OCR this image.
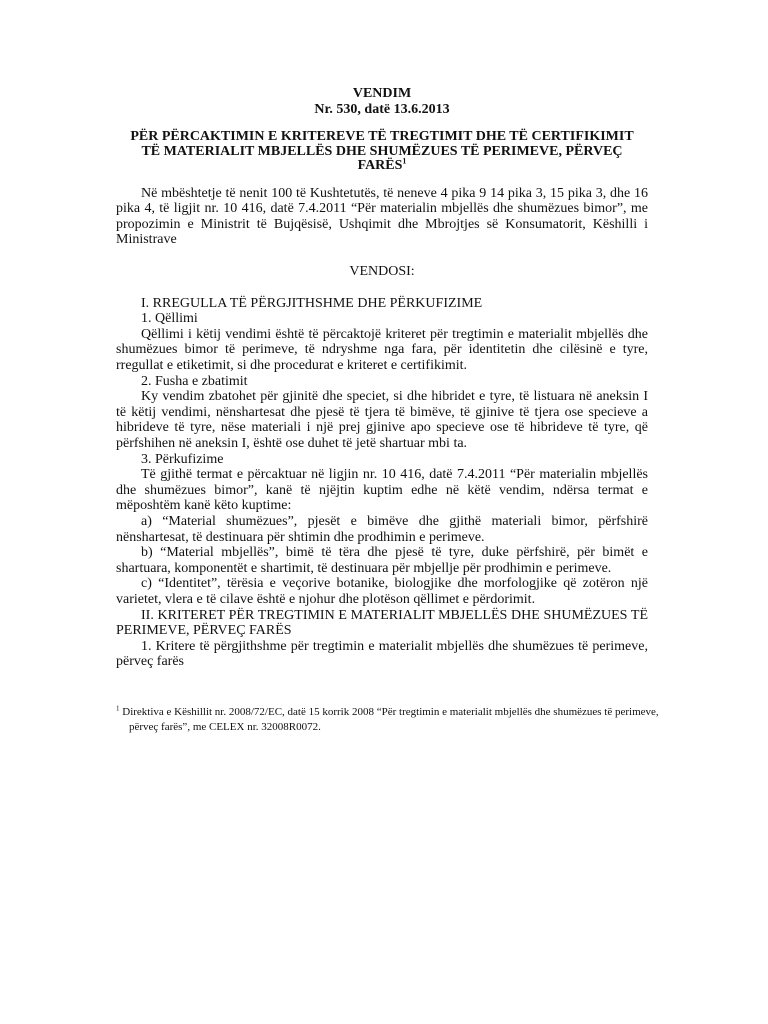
VENDIM
Nr. 530, datë 13.6.2013
PËR PËRCAKTIMIN E KRITEREVE TË TREGTIMIT DHE TË CERTIFIKIMIT
TË MATERIALIT MBJELLËS DHE SHUMËZUES TË PERIMEVE, PËRVEÇ
FARËS$^1$

Në mbështetje të nenit 100 të Kushtetutës, të neneve 4 pika 9 14 pika 3, 15 pika 3, dhe 16 pika 4, të ligjit nr. 10 416, datë 7.4.2011 “Për materialin mbjellës dhe shumëzues bimor”, me propozimin e Ministrit të Bujqësisë, Ushqimit dhe Mbrojtjes së Konsumatorit, Këshilli i Ministrave

VENDOSI:

I. RREGULLA TË PËRGJITHSHME DHE PËRKUFIZIME

1. Qëllimi

Qëllimi i këtij vendimi është të përcaktojë kriteret për tregtimin e materialit mbjellës dhe shumëzues bimor të perimeve, të ndryshme nga fara, për identitetin dhe cilësinë e tyre, rregullat e etiketimit, si dhe procedurat e kriteret e certifikimit.

2. Fusha e zbatimit

Ky vendim zbatohet për gjinitë dhe speciet, si dhe hibridet e tyre, të listuara në aneksin I të këtij vendimi, nënshartesat dhe pjesë të tjera të bimëve, të gjinive të tjera ose specieve a hibrideve të tyre, nëse materiali i një prej gjinive apo specieve ose të hibrideve të tyre, që përfshihen në aneksin I, është ose duhet të jetë shartuar mbi ta.

3. Përkufizime

Të gjithë termat e përcaktuar në ligjin nr. 10 416, datë 7.4.2011 “Për materialin mbjellës dhe shumëzues bimor”, kanë të njëjtin kuptim edhe në këtë vendim, ndërsa termat e mëposhtëm kanë këto kuptime:

a) “Material shumëzues”, pjesët e bimëve dhe gjithë materiali bimor, përfshirë nënshartesat, të destinuara për shtimin dhe prodhimin e perimeve.

b) “Material mbjellës”, bimë të tëra dhe pjesë të tyre, duke përfshirë, për bimët e shartuara, komponentët e shartimit, të destinuara për mbjellje për prodhimin e perimeve.

c) “Identitet”, tërësia e veçorive botanike, biologjike dhe morfologjike që zotëron një varietet, vlera e të cilave është e njohur dhe plotëson qëllimet e përdorimit.

II. KRITERET PËR TREGTIMIN E MATERIALIT MBJELLËS DHE SHUMËZUES TË PERIMEVE, PËRVEÇ FARËS

1. Kritere të përgjithshme për tregtimin e materialit mbjellës dhe shumëzues të perimeve, përveç farës

$^1$ Direktiva e Këshillit nr. 2008/72/EC, datë 15 korrik 2008 “Për tregtimin e materialit mbjellës dhe shumëzues të perimeve,
përveç farës”, me CELEX nr. 32008R0072.
